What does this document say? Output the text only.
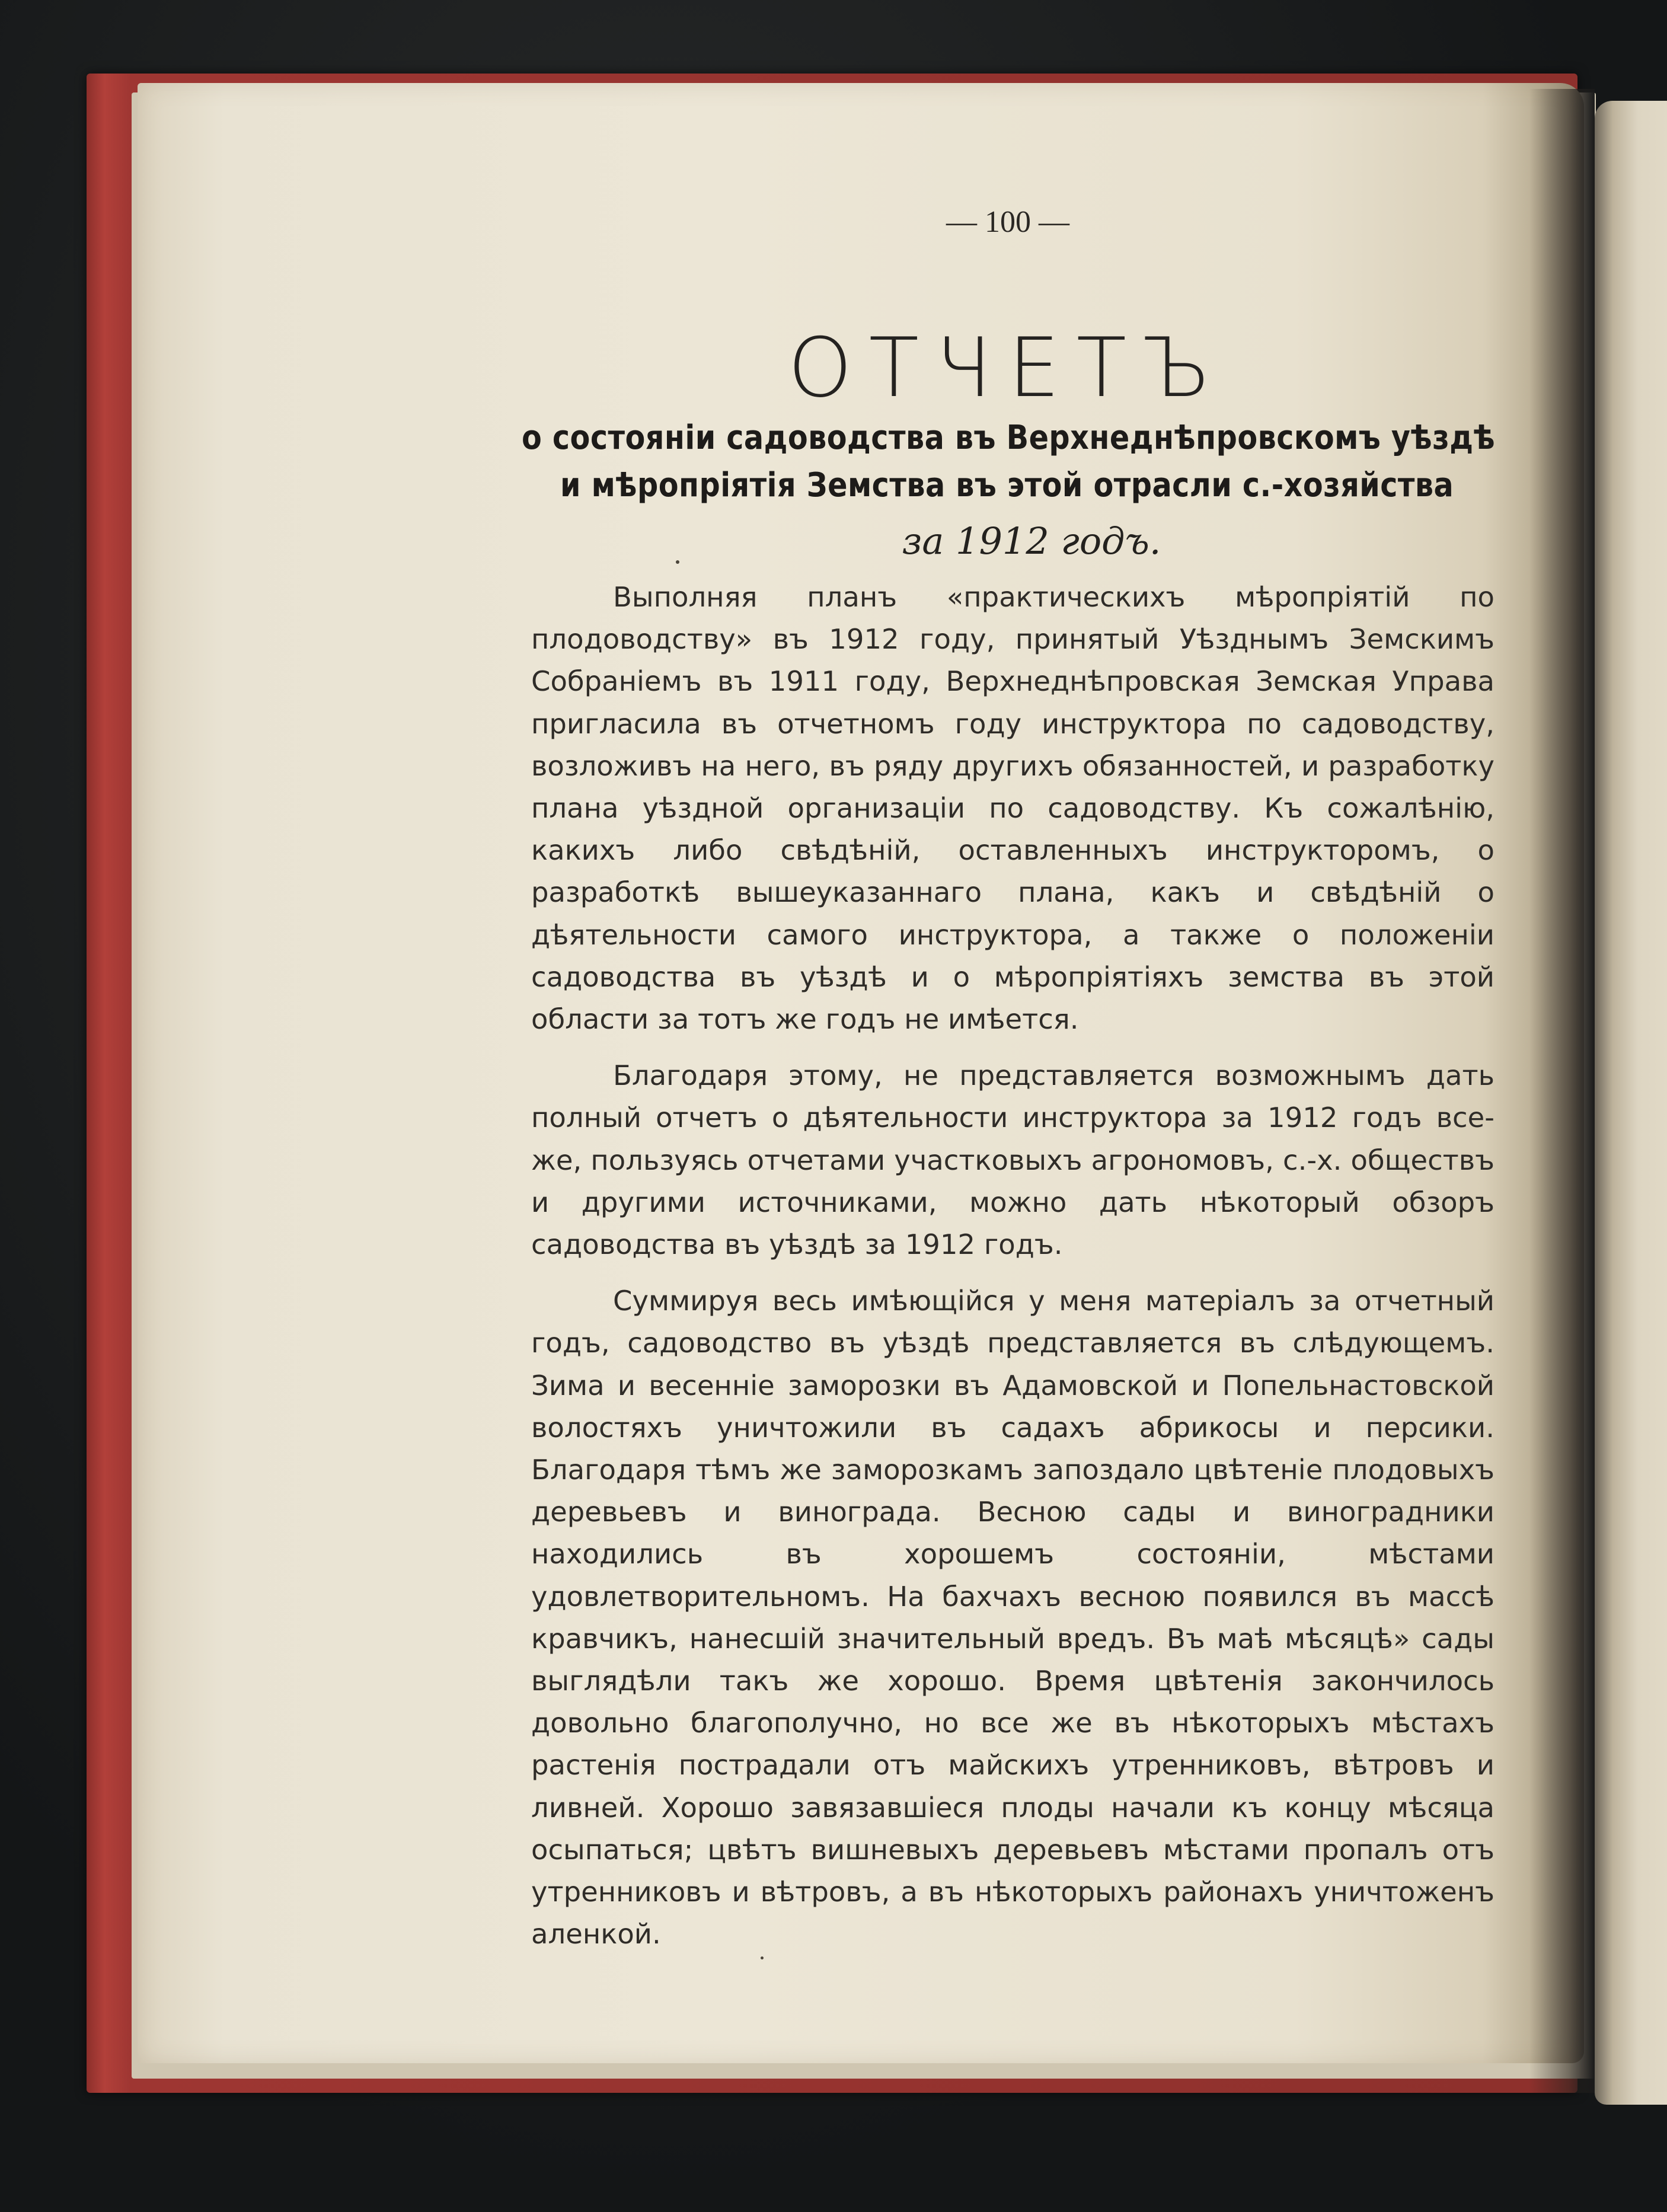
— 100 —
ОТЧЕТЪ
о состоянiи садоводства въ Верхнеднѣпровскомъ уѣздѣ
и мѣропрiятiя Земства въ этой отрасли с.-хозяйства
за 1912 годъ.

Выполняя планъ «практическихъ мѣропрiятiй по плодоводству» въ 1912 году, принятый Уѣзднымъ Земскимъ Собранiемъ въ 1911 году, Верхнеднѣпровская Земская Управа пригласила въ отчетномъ году инструктора по садоводству, возложивъ на него, въ ряду другихъ обязанностей, и разработку плана уѣздной организацiи по садоводству. Къ сожалѣнiю, какихъ либо свѣдѣнiй, оставленныхъ инструкторомъ, о разработкѣ вышеуказаннаго плана, какъ и свѣдѣнiй о дѣятельности самого инструктора, а также о положенiи садоводства въ уѣздѣ и о мѣропрiятiяхъ земства въ этой области за тотъ же годъ не имѣется.

Благодаря этому, не представляется возможнымъ дать полный отчетъ о дѣятельности инструктора за 1912 годъ все-же, пользуясь отчетами участковыхъ агрономовъ, с.-х. обществъ и другими источниками, можно дать нѣкоторый обзоръ садоводства въ уѣздѣ за 1912 годъ.

Суммируя весь имѣющiйся у меня матерiалъ за отчетный годъ, садоводство въ уѣздѣ представляется въ слѣдующемъ. Зима и весеннiе заморозки въ Адамовской и Попельнастовской волостяхъ уничтожили въ садахъ абрикосы и персики. Благодаря тѣмъ же заморозкамъ запоздало цвѣтенiе плодовыхъ деревьевъ и винограда. Весною сады и виноградники находились въ хорошемъ состоянiи, мѣстами удовлетворительномъ. На бахчахъ весною появился въ массѣ кравчикъ, нанесшiй значительный вредъ. Въ маѣ мѣсяцѣ» сады выглядѣли такъ же хорошо. Время цвѣтенiя закончилось довольно благополучно, но все же въ нѣкоторыхъ мѣстахъ растенiя пострадали отъ майскихъ утренниковъ, вѣтровъ и ливней. Хорошо завязавшiеся плоды начали къ концу мѣсяца осыпаться; цвѣтъ вишневыхъ деревьевъ мѣстами пропалъ отъ утренниковъ и вѣтровъ, а въ нѣкоторыхъ районахъ уничтоженъ аленкой.
